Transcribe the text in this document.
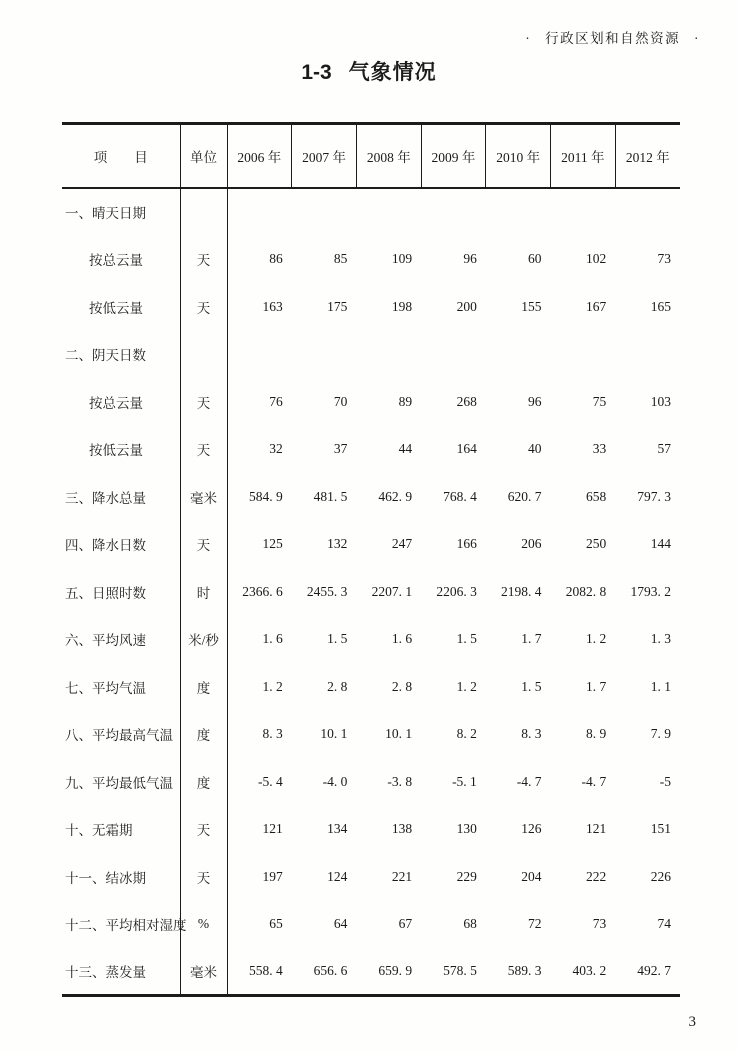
· 行政区划和自然资源 ·
1-3 气象情况
项　　目	单位	2006 年	2007 年	2008 年	2009 年	2010 年	2011 年	2012 年
一、晴天日期								
按总云量	天	86	85	109	96	60	102	73
按低云量	天	163	175	198	200	155	167	165
二、阴天日数								
按总云量	天	76	70	89	268	96	75	103
按低云量	天	32	37	44	164	40	33	57
三、降水总量	毫米	584. 9	481. 5	462. 9	768. 4	620. 7	658	797. 3
四、降水日数	天	125	132	247	166	206	250	144
五、日照时数	时	2366. 6	2455. 3	2207. 1	2206. 3	2198. 4	2082. 8	1793. 2
六、平均风速	米/秒	1. 6	1. 5	1. 6	1. 5	1. 7	1. 2	1. 3
七、平均气温	度	1. 2	2. 8	2. 8	1. 2	1. 5	1. 7	1. 1
八、平均最高气温	度	8. 3	10. 1	10. 1	8. 2	8. 3	8. 9	7. 9
九、平均最低气温	度	-5. 4	-4. 0	-3. 8	-5. 1	-4. 7	-4. 7	-5
十、无霜期	天	121	134	138	130	126	121	151
十一、结冰期	天	197	124	221	229	204	222	226
十二、平均相对湿度	%	65	64	67	68	72	73	74
十三、蒸发量	毫米	558. 4	656. 6	659. 9	578. 5	589. 3	403. 2	492. 7
3
